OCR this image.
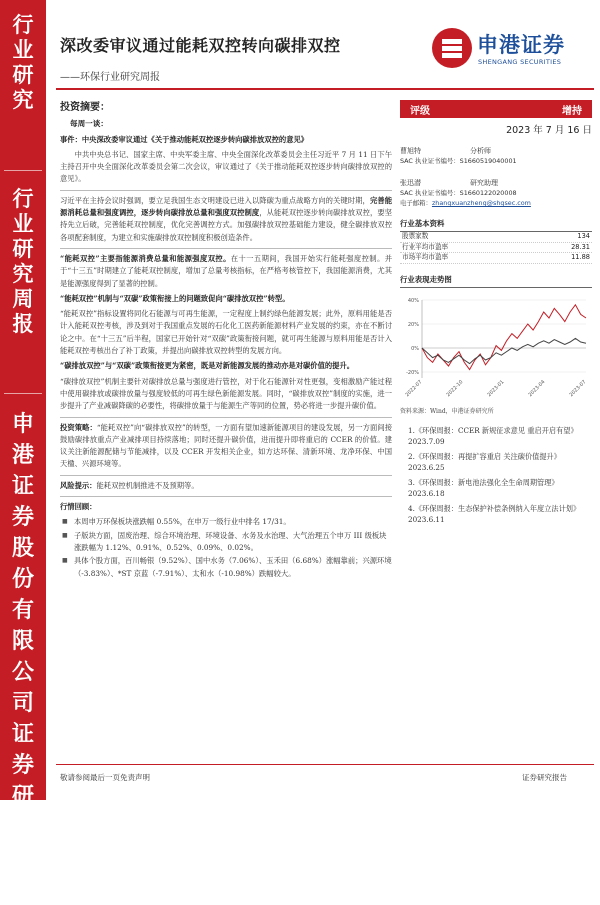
行
业
研
究
行
业
研
究
周
报
申
港
证
券
股
份
有
限
公
司
证
券
研
究
报
告
深改委审议通过能耗双控转向碳排双控
——环保行业研究周报
申港证券
SHENGANG SECURITIES
投资摘要：
每周一谈：
事件：中央深改委审议通过《关于推动能耗双控逐步转向碳排放双控的意见》
中共中央总书记、国家主席、中央军委主席、中央全面深化改革委员会主任习近平 7 月 11 日下午主持召开中央全面深化改革委员会第二次会议，审议通过了《关于推动能耗双控逐步转向碳排放双控的意见》。
习近平在主持会议时强调，要立足我国生态文明建设已进入以降碳为重点战略方向的关键时期，完善能源消耗总量和强度调控，逐步转向碳排放总量和强度双控制度，从能耗双控逐步转向碳排放双控，要坚持先立后破，完善能耗双控制度，优化完善调控方式。加强碳排放双控基础能力建设，健全碳排放双控各项配套制度，为建立和实施碳排放双控制度积极创造条件。
“能耗双控”主要指能源消费总量和能源强度双控。在十一五期间，我国开始实行能耗强度控制。并于“十三五”时期建立了能耗双控制度，增加了总量考核指标，在严格考核管控下，我国能源消费，尤其是能源强度得到了显著的控制。
“能耗双控”机制与“双碳”政策衔接上的问题致促向“碳排放双控”转型。
“能耗双控”指标设置将同化石能源与可再生能源，一定程度上制约绿色能源发展；此外，原料用能是否计入能耗双控考核，涉及到对于我国重点发展的石化化工医药新能源材料产业发展的约束，亦在不断讨论之中。在“十三五”后半程，国家已开始针对“双碳”政策衔接问题，就可再生能源与原料用能是否计入能耗双控考核出台了补丁政策，并提出向碳排放双控转型的发展方向。
“碳排放双控”与“双碳”政策衔接更为紧密，既是对新能源发展的推动亦是对碳价值的提升。
“碳排放双控”机制主要针对碳排放总量与强度进行管控，对于化石能源针对性更强，变相激励产能过程中使用碳排放或碳排放量与强度较低的可再生绿色新能源发展。同时，“碳排放双控”制度的实施，进一步提升了产业减碳降碳的必要性，将碳排放量于与能源生产等同的位置，势必将进一步提升碳价值。
投资策略：“能耗双控”向“碳排放双控”的转型，一方面有望加速新能源项目的建设发展，另一方面间接鼓励碳排放重点产业减排项目持续落地；同时还提升碳价值，进而提升即将重启的 CCER 的价值。建议关注新能源配储与节能减排，以及 CCER 开发相关企业，如方达环保、清新环境、龙净环保、中国天楹、兴源环境等。
风险提示：能耗双控机制推进不及预期等。
行情回顾：
■ 本周申万环保板块涨跌幅 0.55%，在申万一级行业中排名 17/31。
■ 子版块方面，固废治理、综合环境治理、环境设备、水务及水治理、大气治理五个申万 III 级板块涨跌幅为 1.12%、0.91%、0.52%、0.09%、0.02%。
■ 具体个股方面，百川畅银（9.52%）、国中水务（7.06%）、玉禾田（6.68%）涨幅靠前；兴源环境（-3.83%）、*ST 京蓝（-7.91%）、太和水（-10.98%）跌幅较大。
评级	增持
2023 年 7 月 16 日
曹旭特	分析师
SAC 执业证书编号：S1660519040001
张迅潜	研究助理
SAC 执业证书编号：S1660122020008
电子邮箱：zhangxuanzheng@shgsec.com
行业基本资料
股票家数	134
行业平均市盈率	28.31
市场平均市盈率	11.88
行业表现走势图
-20%
0%
20%
40%
2022-07	2022-10	2023-01	2023-04	2023-07
资料来源：Wind，申港证券研究所
1.《环保周报：CCER 新规征求意见 重启开启有望》2023.7.09
2.《环保周报：再提扩容重启 关注碳价值提升》2023.6.25
3.《环保周报：新电池法强化全生命周期管理》2023.6.18
4.《环保周报：生态保护补偿条例纳入年度立法计划》2023.6.11
敬请参阅最后一页免责声明	证券研究报告
